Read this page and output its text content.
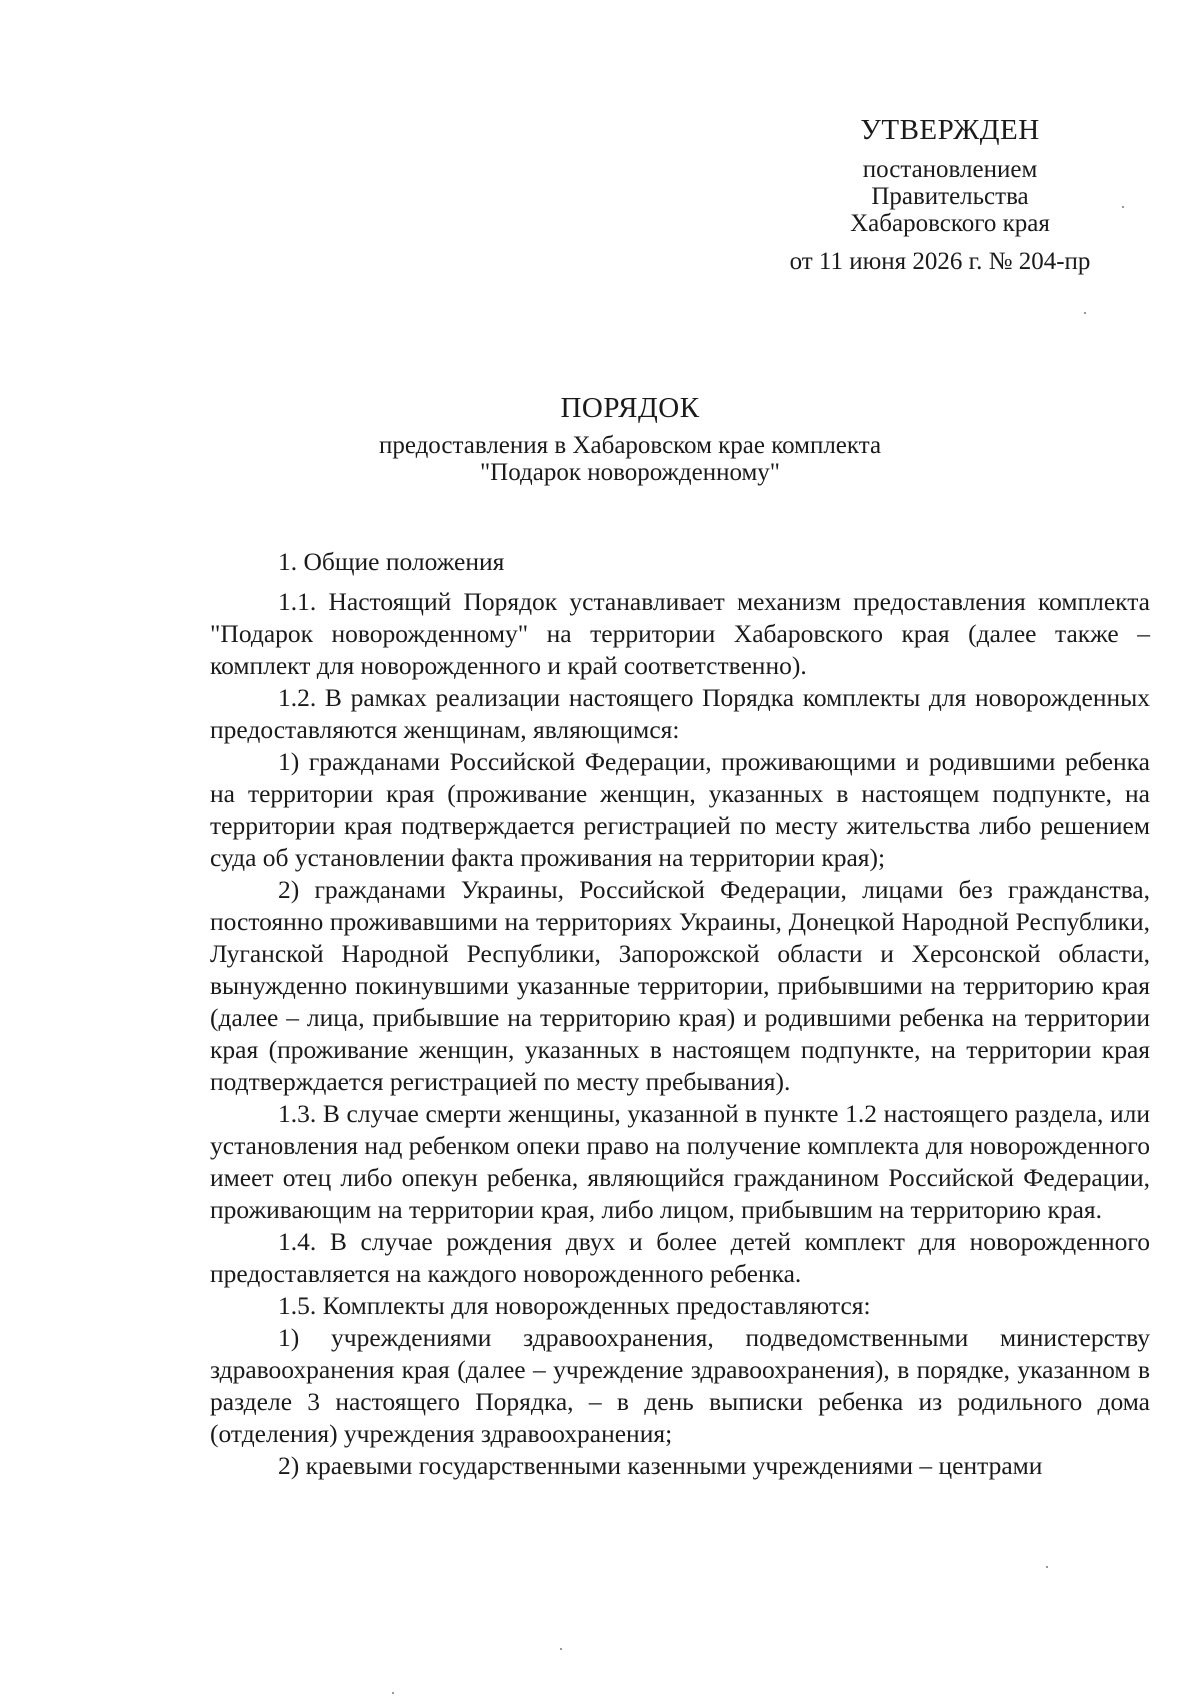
УТВЕРЖДЕН
постановлением
Правительства
Хабаровского края
от 11 июня 2026 г. № 204-пр
ПОРЯДОК
предоставления в Хабаровском крае комплекта
"Подарок новорожденному"

1. Общие положения

1.1. Настоящий Порядок устанавливает механизм предоставления комплекта "Подарок новорожденному" на территории Хабаровского края (далее также – комплект для новорожденного и край соответственно).

1.2. В рамках реализации настоящего Порядка комплекты для новорожденных предоставляются женщинам, являющимся:

1) гражданами Российской Федерации, проживающими и родившими ребенка на территории края (проживание женщин, указанных в настоящем подпункте, на территории края подтверждается регистрацией по месту жительства либо решением суда об установлении факта проживания на территории края);

2) гражданами Украины, Российской Федерации, лицами без гражданства, постоянно проживавшими на территориях Украины, Донецкой Народной Республики, Луганской Народной Республики, Запорожской области и Херсонской области, вынужденно покинувшими указанные территории, прибывшими на территорию края (далее – лица, прибывшие на территорию края) и родившими ребенка на территории края (проживание женщин, указанных в настоящем подпункте, на территории края подтверждается регистрацией по месту пребывания).

1.3. В случае смерти женщины, указанной в пункте 1.2 настоящего раздела, или установления над ребенком опеки право на получение комплекта для новорожденного имеет отец либо опекун ребенка, являющийся гражданином Российской Федерации, проживающим на территории края, либо лицом, прибывшим на территорию края.

1.4. В случае рождения двух и более детей комплект для новорожденного предоставляется на каждого новорожденного ребенка.

1.5. Комплекты для новорожденных предоставляются:

1) учреждениями здравоохранения, подведомственными министерству здравоохранения края (далее – учреждение здравоохранения), в порядке, указанном в разделе 3 настоящего Порядка, – в день выписки ребенка из родильного дома (отделения) учреждения здравоохранения;

2) краевыми государственными казенными учреждениями – центрами
